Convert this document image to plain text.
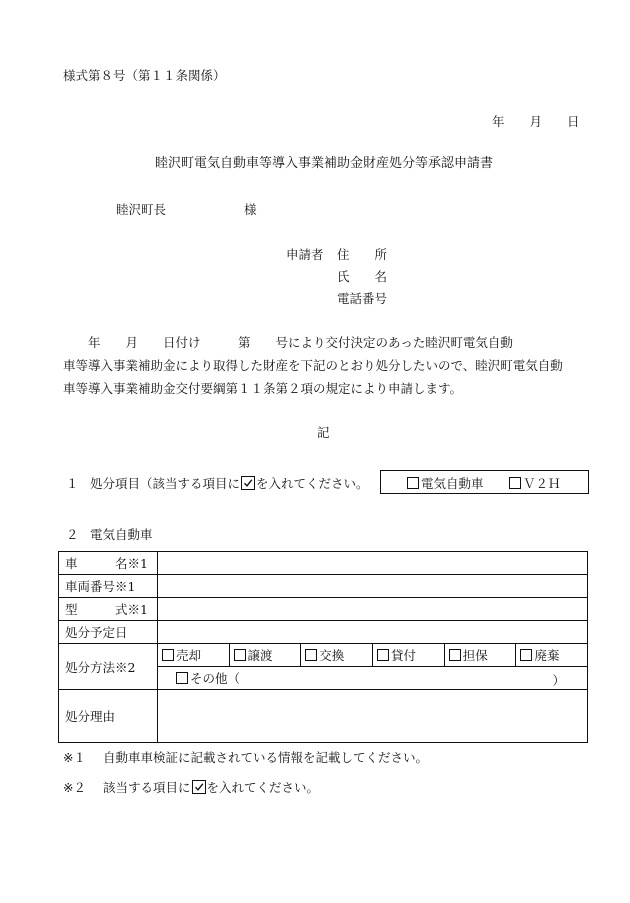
様式第８号（第１１条関係）
年　　月　　日
睦沢町電気自動車等導入事業補助金財産処分等承認申請書
睦沢町長	様
申請者 住　　所
氏　　名
電話番号
　　年　　月　　日付け　　　第　　号により交付決定のあった睦沢町電気自動
車等導入事業補助金により取得した財産を下記のとおり処分したいので、睦沢町電気自動
車等導入事業補助金交付要綱第１１条第２項の規定により申請します。
記
１ 処分項目（該当する項目に を入れてください。	電気自動車	Ｖ２Ｈ
２ 電気自動車
車　　　名※1	
車両番号※1	
型　　　式※1	
処分予定日	
処分方法※2	
売却	譲渡	交換	貸付	担保	廃棄

その他（	）

処分理由	
※１ 自動車車検証に記載されている情報を記載してください。
※２ 該当する項目に を入れてください。
